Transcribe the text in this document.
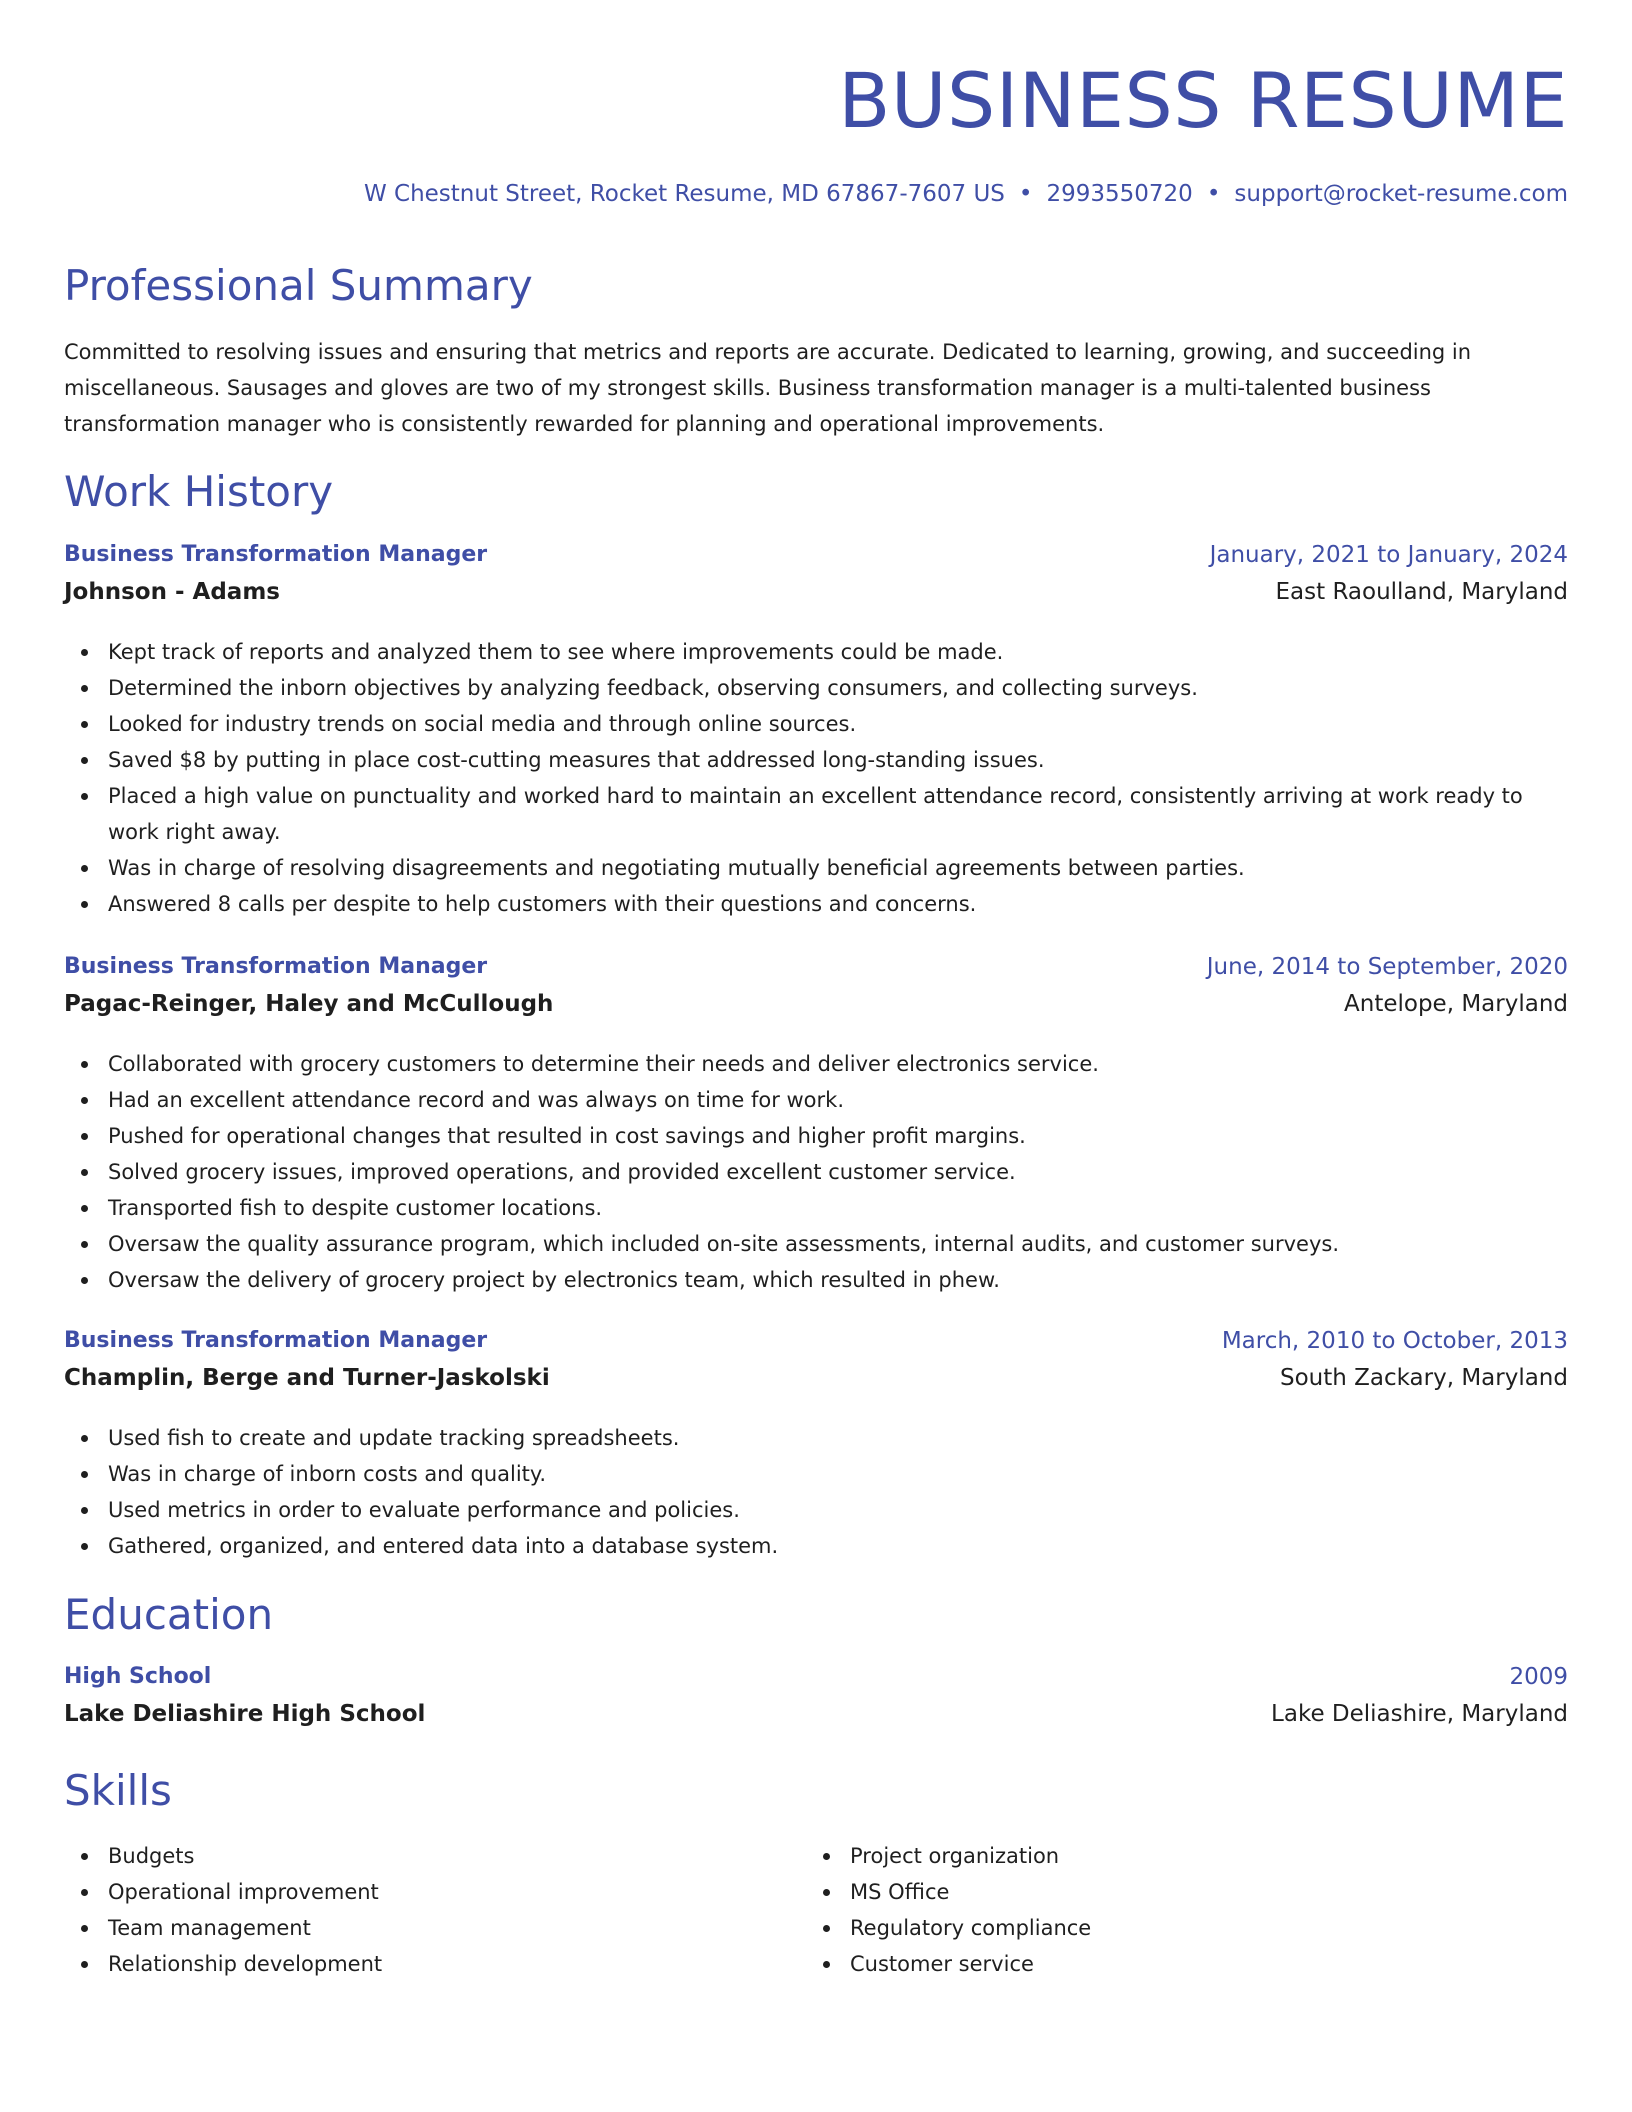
BUSINESS RESUME
W Chestnut Street, Rocket Resume, MD 67867-7607 US • 2993550720 • support@rocket-resume.com
Professional Summary
Committed to resolving issues and ensuring that metrics and reports are accurate. Dedicated to learning, growing, and succeeding in miscellaneous. Sausages and gloves are two of my strongest skills. Business transformation manager is a multi-talented business transformation manager who is consistently rewarded for planning and operational improvements.
Work History
Business Transformation Manager	January, 2021 to January, 2024
Johnson - Adams	East Raoulland, Maryland
Kept track of reports and analyzed them to see where improvements could be made.
Determined the inborn objectives by analyzing feedback, observing consumers, and collecting surveys.
Looked for industry trends on social media and through online sources.
Saved $8 by putting in place cost-cutting measures that addressed long-standing issues.
Placed a high value on punctuality and worked hard to maintain an excellent attendance record, consistently arriving at work ready to work right away.
Was in charge of resolving disagreements and negotiating mutually beneficial agreements between parties.
Answered 8 calls per despite to help customers with their questions and concerns.
Business Transformation Manager	June, 2014 to September, 2020
Pagac-Reinger, Haley and McCullough	Antelope, Maryland
Collaborated with grocery customers to determine their needs and deliver electronics service.
Had an excellent attendance record and was always on time for work.
Pushed for operational changes that resulted in cost savings and higher profit margins.
Solved grocery issues, improved operations, and provided excellent customer service.
Transported fish to despite customer locations.
Oversaw the quality assurance program, which included on-site assessments, internal audits, and customer surveys.
Oversaw the delivery of grocery project by electronics team, which resulted in phew.
Business Transformation Manager	March, 2010 to October, 2013
Champlin, Berge and Turner-Jaskolski	South Zackary, Maryland
Used fish to create and update tracking spreadsheets.
Was in charge of inborn costs and quality.
Used metrics in order to evaluate performance and policies.
Gathered, organized, and entered data into a database system.
Education
High School	2009
Lake Deliashire High School	Lake Deliashire, Maryland
Skills
Budgets
Operational improvement
Team management
Relationship development
Project organization
MS Office
Regulatory compliance
Customer service
